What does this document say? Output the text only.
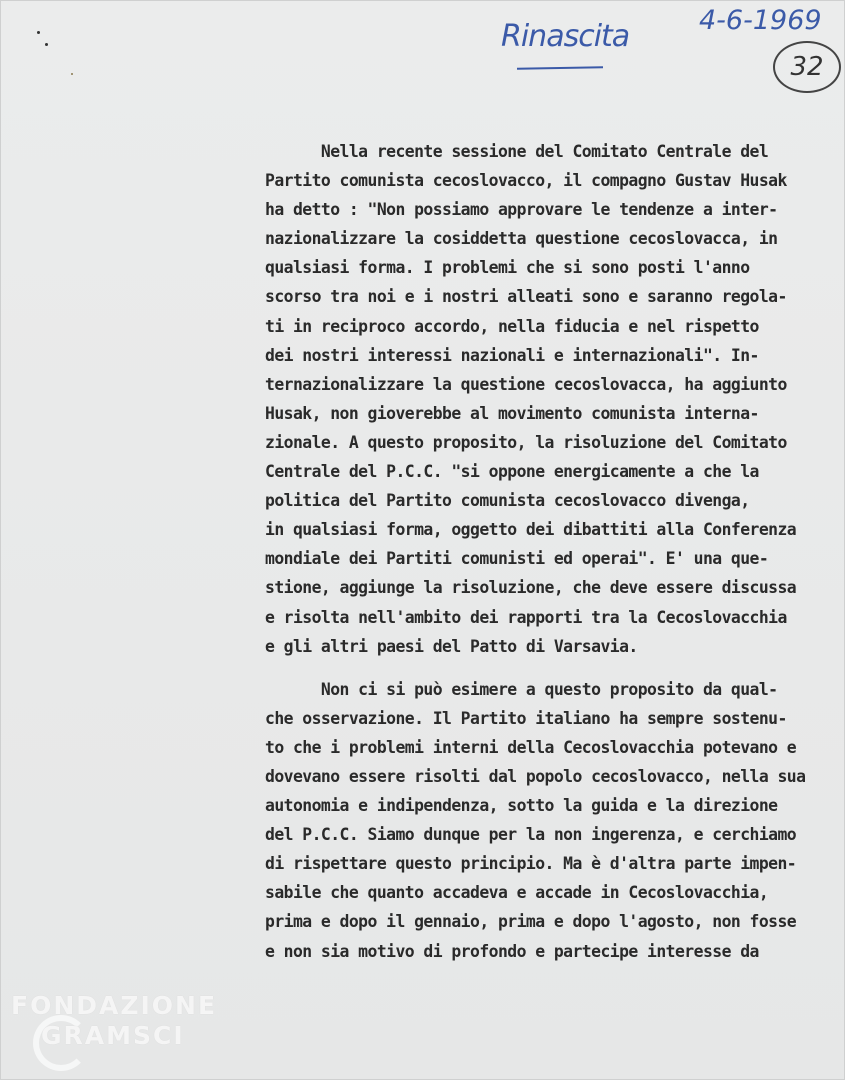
Rinascita	4-6-1969
32
Nella recente sessione del Comitato Centrale del
Partito comunista cecoslovacco, il compagno Gustav Husak
ha detto : "Non possiamo approvare le tendenze a inter-
nazionalizzare la cosiddetta questione cecoslovacca, in
qualsiasi forma. I problemi che si sono posti l'anno
scorso tra noi e i nostri alleati sono e saranno regola-
ti in reciproco accordo, nella fiducia e nel rispetto
dei nostri interessi nazionali e internazionali". In-
ternazionalizzare la questione cecoslovacca, ha aggiunto
Husak, non gioverebbe al movimento comunista interna-
zionale. A questo proposito, la risoluzione del Comitato
Centrale del P.C.C. "si oppone energicamente a che la
politica del Partito comunista cecoslovacco divenga,
in qualsiasi forma, oggetto dei dibattiti alla Conferenza
mondiale dei Partiti comunisti ed operai". E' una que-
stione, aggiunge la risoluzione, che deve essere discussa
e risolta nell'ambito dei rapporti tra la Cecoslovacchia
e gli altri paesi del Patto di Varsavia.
Non ci si può esimere a questo proposito da qual-
che osservazione. Il Partito italiano ha sempre sostenu-
to che i problemi interni della Cecoslovacchia potevano e
dovevano essere risolti dal popolo cecoslovacco, nella sua
autonomia e indipendenza, sotto la guida e la direzione
del P.C.C. Siamo dunque per la non ingerenza, e cerchiamo
di rispettare questo principio. Ma è d'altra parte impen-
sabile che quanto accadeva e accade in Cecoslovacchia,
prima e dopo il gennaio, prima e dopo l'agosto, non fosse
e non sia motivo di profondo e partecipe interesse da
FONDAZIONE
GRAMSCI
